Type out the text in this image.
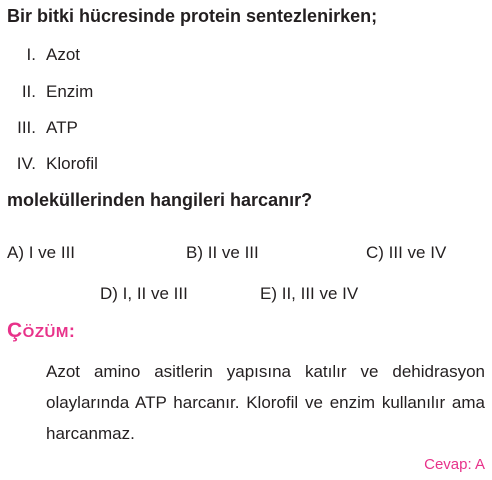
Bir bitki hücresinde protein sentezlenirken;
I. Azot
II. Enzim
III. ATP
IV. Klorofil
moleküllerinden hangileri harcanır?
A) I ve III	B) II ve III	C) III ve IV
D) I, II ve III	E) II, III ve IV
ÇÖZÜM:
Azot amino asitlerin yapısına katılır ve dehidrasyon olaylarında ATP harcanır. Klorofil ve enzim kullanılır ama harcanmaz.
Cevap: A
